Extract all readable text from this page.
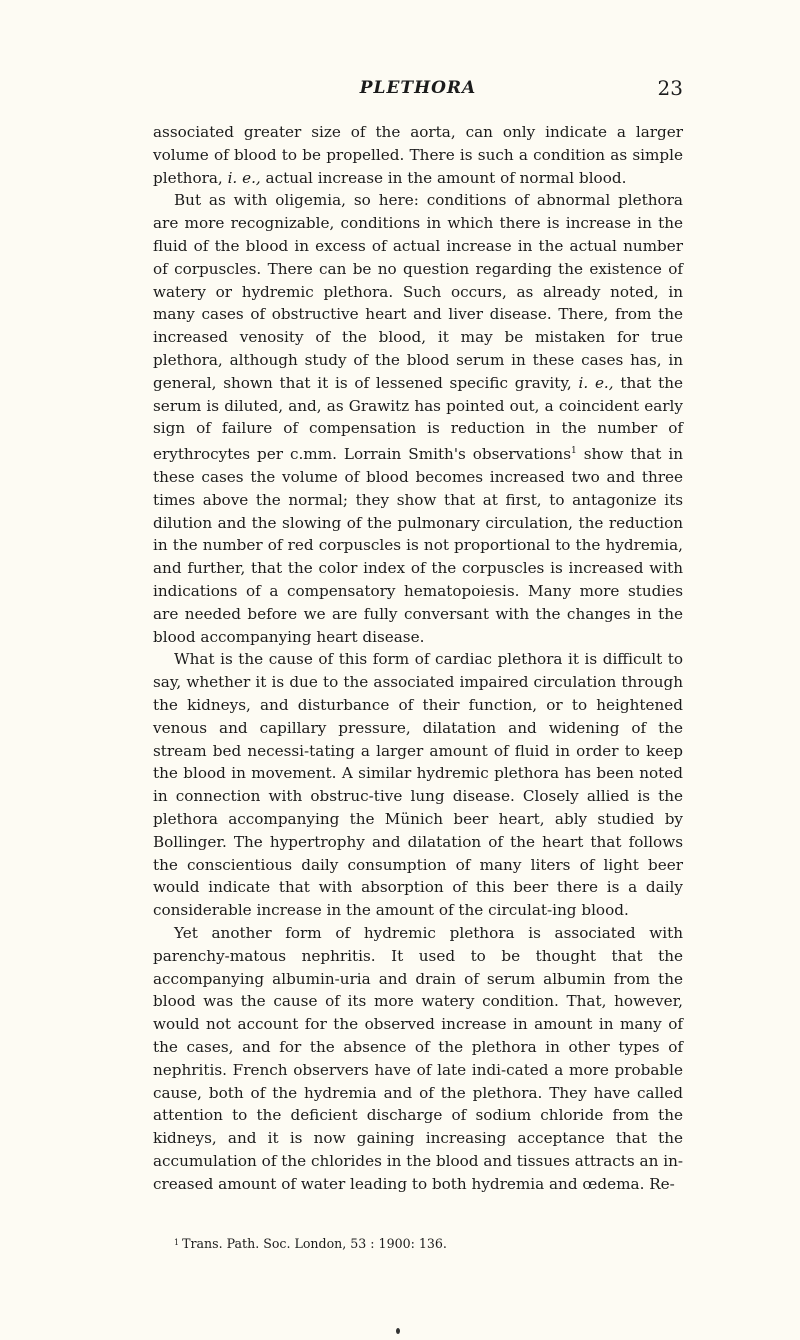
PLETHORA	23

associated greater size of the aorta, can only indicate a larger volume of blood to be propelled. There is such a condition as simple plethora, i. e., actual increase in the amount of normal blood.

But as with oligemia, so here: conditions of abnormal plethora are more recognizable, conditions in which there is increase in the fluid of the blood in excess of actual increase in the actual number of corpuscles. There can be no question regarding the existence of watery or hydremic plethora. Such occurs, as already noted, in many cases of obstructive heart and liver disease. There, from the increased venosity of the blood, it may be mistaken for true plethora, although study of the blood serum in these cases has, in general, shown that it is of lessened specific gravity, i. e., that the serum is diluted, and, as Grawitz has pointed out, a coincident early sign of failure of compensation is reduction in the number of erythrocytes per c.mm. Lorrain Smith's observations$^1$ show that in these cases the volume of blood becomes increased two and three times above the normal; they show that at first, to antagonize its dilution and the slowing of the pulmonary circulation, the reduction in the number of red corpuscles is not proportional to the hydremia, and further, that the color index of the corpuscles is increased with indications of a compensatory hematopoiesis. Many more studies are needed before we are fully conversant with the changes in the blood accompanying heart disease.

What is the cause of this form of cardiac plethora it is difficult to say, whether it is due to the associated impaired circulation through the kidneys, and disturbance of their function, or to heightened venous and capillary pressure, dilatation and widening of the stream bed necessi-tating a larger amount of fluid in order to keep the blood in movement. A similar hydremic plethora has been noted in connection with obstruc-tive lung disease. Closely allied is the plethora accompanying the Münich beer heart, ably studied by Bollinger. The hypertrophy and dilatation of the heart that follows the conscientious daily consumption of many liters of light beer would indicate that with absorption of this beer there is a daily considerable increase in the amount of the circulat-ing blood.

Yet another form of hydremic plethora is associated with parenchy-matous nephritis. It used to be thought that the accompanying albumin-uria and drain of serum albumin from the blood was the cause of its more watery condition. That, however, would not account for the observed increase in amount in many of the cases, and for the absence of the plethora in other types of nephritis. French observers have of late indi-cated a more probable cause, both of the hydremia and of the plethora. They have called attention to the deficient discharge of sodium chloride from the kidneys, and it is now gaining increasing acceptance that the accumulation of the chlorides in the blood and tissues attracts an in-creased amount of water leading to both hydremia and œdema. Re-

$^1$ Trans. Path. Soc. London, 53 : 1900: 136.
